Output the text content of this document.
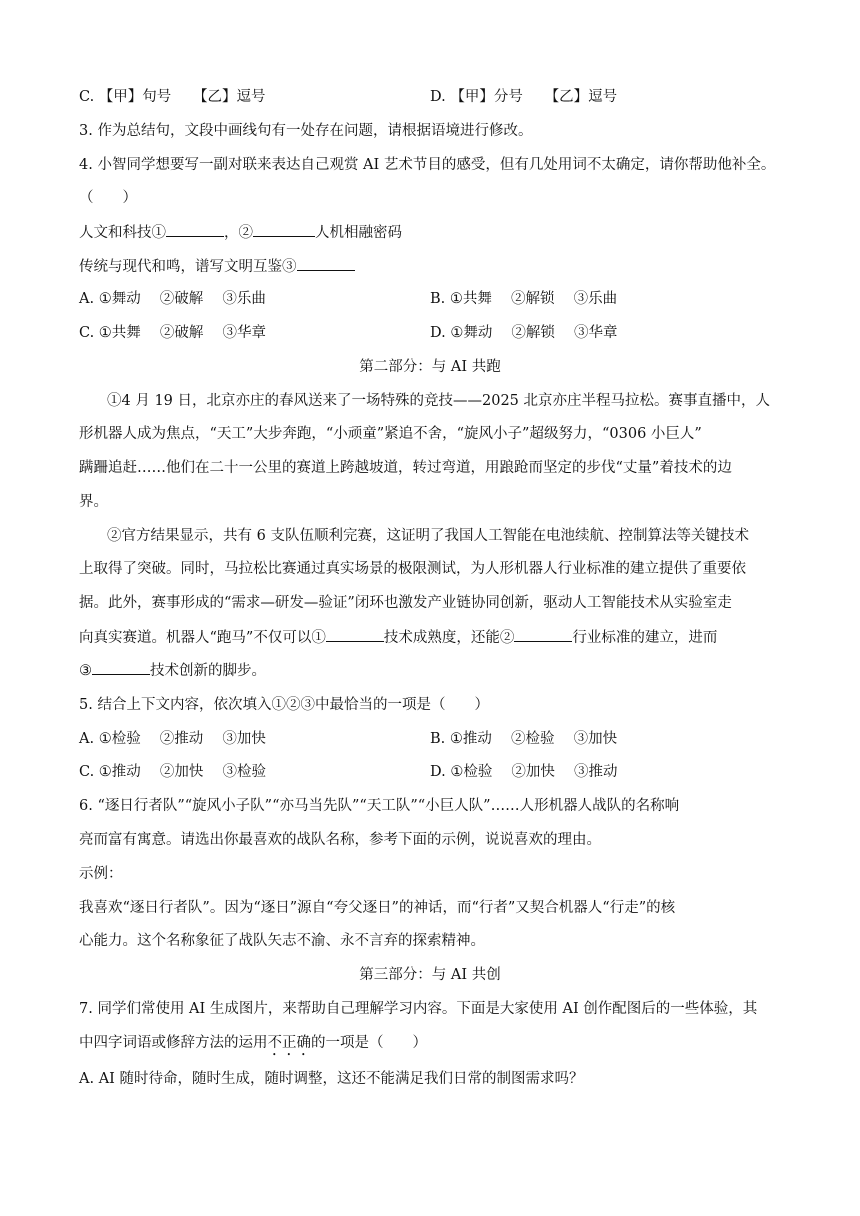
C. 【甲】句号　　【乙】逗号	D. 【甲】分号　　【乙】逗号
3. 作为总结句，文段中画线句有一处存在问题，请根据语境进行修改。
4. 小智同学想要写一副对联来表达自己观赏 AI 艺术节目的感受，但有几处用词不太确定，请你帮助他补全。
（　　）
人文和科技①	，②	人机相融密码
传统与现代和鸣，谱写文明互鉴③
A. ①舞动　 ②破解　 ③乐曲	B. ①共舞　 ②解锁　 ③乐曲
C. ①共舞　 ②破解　 ③华章	D. ①舞动　 ②解锁　 ③华章
第二部分：与 AI 共跑
①4 月 19 日，北京亦庄的春风送来了一场特殊的竞技——2025 北京亦庄半程马拉松。赛事直播中，人
形机器人成为焦点，“天工”大步奔跑，“小顽童”紧追不舍，“旋风小子”超级努力，“0306 小巨人”
蹒跚追赶……他们在二十一公里的赛道上跨越坡道，转过弯道，用踉跄而坚定的步伐“丈量”着技术的边
界。
②官方结果显示，共有 6 支队伍顺利完赛，这证明了我国人工智能在电池续航、控制算法等关键技术
上取得了突破。同时，马拉松比赛通过真实场景的极限测试，为人形机器人行业标准的建立提供了重要依
据。此外，赛事形成的“需求—研发—验证”闭环也激发产业链协同创新，驱动人工智能技术从实验室走
向真实赛道。机器人“跑马”不仅可以①	技术成熟度，还能②	行业标准的建立，进而
③	技术创新的脚步。
5. 结合上下文内容，依次填入①②③中最恰当的一项是（　　）
A. ①检验　 ②推动　 ③加快	B. ①推动　 ②检验　 ③加快
C. ①推动　 ②加快　 ③检验	D. ①检验　 ②加快　 ③推动
6. “逐日行者队”“旋风小子队”“亦马当先队”“天工队”“小巨人队”……人形机器人战队的名称响
亮而富有寓意。请选出你最喜欢的战队名称，参考下面的示例，说说喜欢的理由。
示例：
我喜欢“逐日行者队”。因为“逐日”源自“夸父逐日”的神话，而“行者”又契合机器人“行走”的核
心能力。这个名称象征了战队矢志不渝、永不言弃的探索精神。
第三部分：与 AI 共创
7. 同学们常使用 AI 生成图片，来帮助自己理解学习内容。下面是大家使用 AI 创作配图后的一些体验，其
中四字词语或修辞方法的运用不正确的一项是（　　）
A. AI 随时待命，随时生成，随时调整，这还不能满足我们日常的制图需求吗？
